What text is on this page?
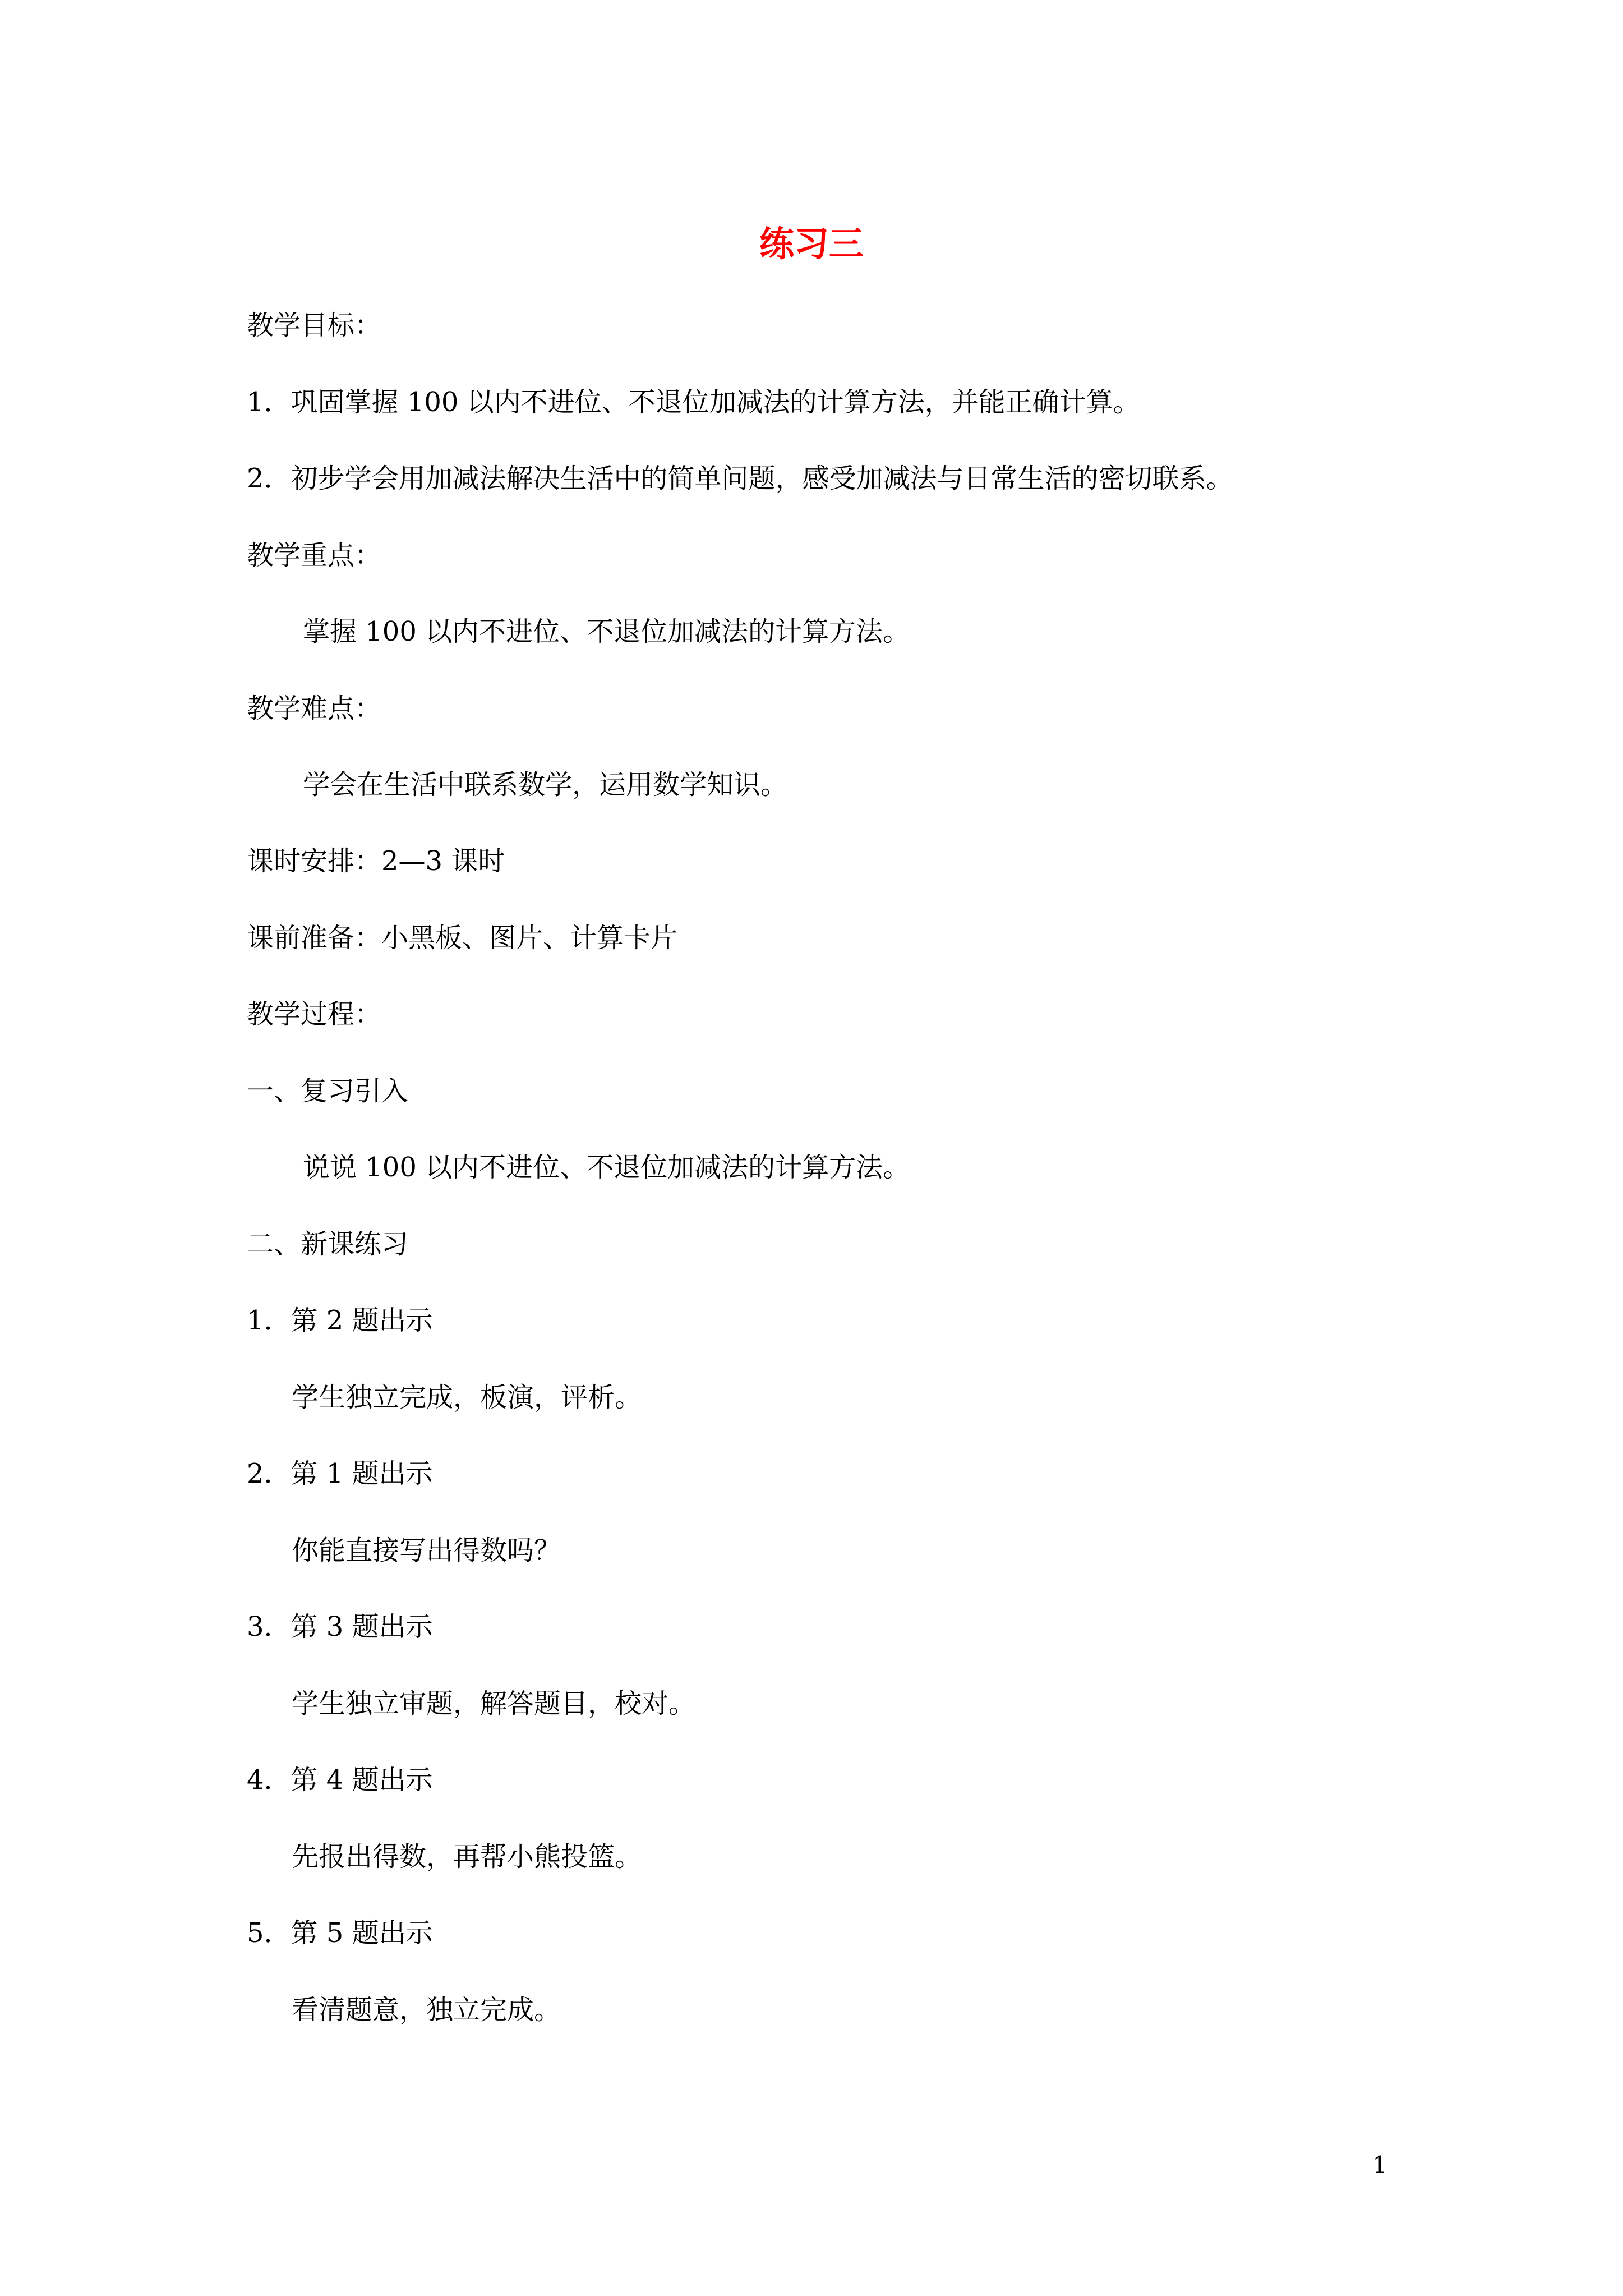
练习三
教学目标：
1．巩固掌握 100 以内不进位、不退位加减法的计算方法，并能正确计算。
2．初步学会用加减法解决生活中的简单问题，感受加减法与日常生活的密切联系。
教学重点：
掌握 100 以内不进位、不退位加减法的计算方法。
教学难点：
学会在生活中联系数学，运用数学知识。
课时安排：2—3 课时
课前准备：小黑板、图片、计算卡片
教学过程：
一、复习引入
说说 100 以内不进位、不退位加减法的计算方法。
二、新课练习
1．第 2 题出示
学生独立完成，板演，评析。
2．第 1 题出示
你能直接写出得数吗？
3．第 3 题出示
学生独立审题，解答题目，校对。
4．第 4 题出示
先报出得数，再帮小熊投篮。
5．第 5 题出示
看清题意，独立完成。
1
